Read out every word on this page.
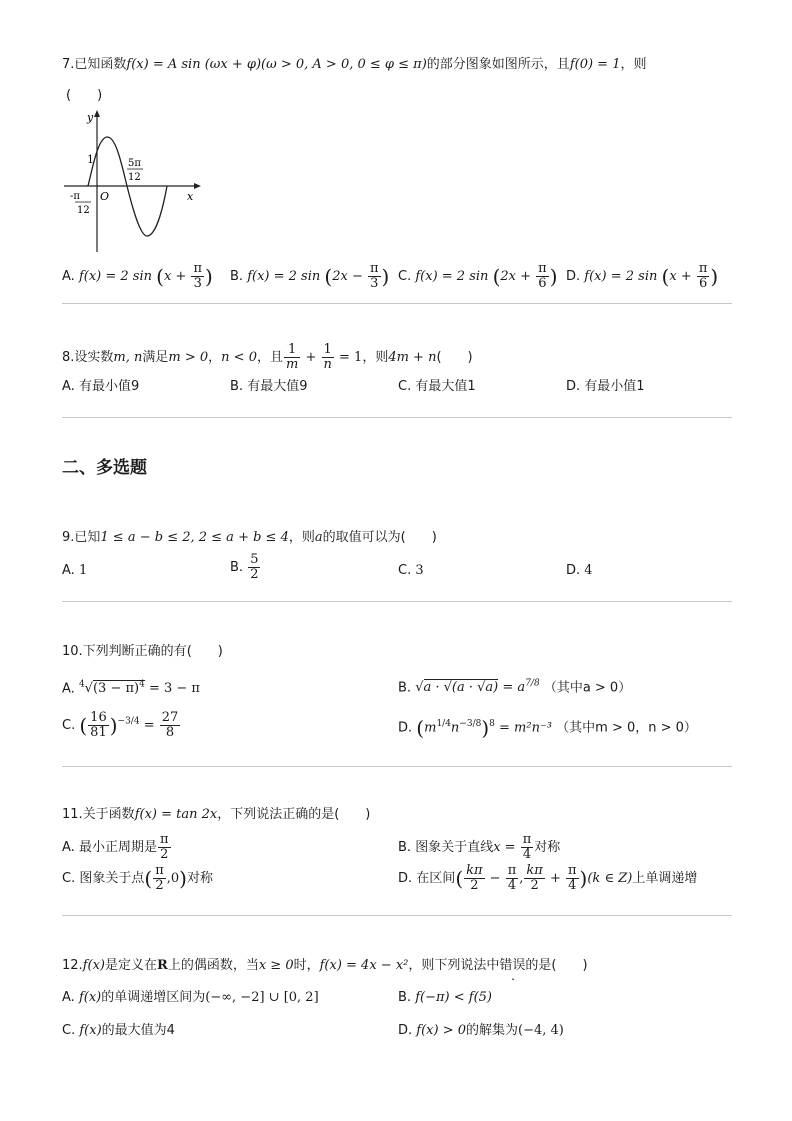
7.已知函数f(x) = A sin (ωx + φ)(ω > 0, A > 0, 0 ≤ φ ≤ π)的部分图象如图所示，且f(0) = 1，则
(　　)
y
x
O
1	5π
12
-π
12
A. f(x) = 2 $\sin (x + \frac{\pi}{3}$ ) B. f(x) = 2 $\sin (2x - \frac{\pi}{3}$ ) C. f(x) = 2 $\sin (2x + \frac{\pi}{6}$ ) D. f(x) = 2 $\sin (x + \frac{\pi}{6}$ )
8.设实数m, n满足m > 0，n < 0，且 $\frac{1}{m} + \frac{1}{n} = 1$，则4m + n(　　)
A. 有最小值9	B. 有最大值9	C. 有最大值1	D. 有最小值1
二、多选题
9.已知1 ≤ a − b ≤ 2, 2 ≤ a + b ≤ 4，则a的取值可以为(　　)
A. 1	B. $\frac{5}{2}$	C. 3	D. 4
10.下列判断正确的有(　　)
A. $^4√(3 - \pi)^4 = 3 - \pi$	B. $√a \cdot √(a \cdot √a) = a^{7/8}$ （其中a > 0）
C. ( $\frac{16}{81} )^{-3/4} = \frac{27}{8}$	D. $(m^{1/4}n^{-3/8})^8 = m^2n^{-3}$ （其中m > 0，n > 0）
11.关于函数f(x) = tan 2x，下列说法正确的是(　　)
A. 最小正周期是 $\frac{\pi}{2}$	B. 图象关于直线$x = \frac{\pi}{4}$ 对称
C. 图象关于点( $\frac{\pi}{2} ,0$)对称	D. 在区间( $\frac{k\pi}{2} - \frac{\pi}{4}$ , $\frac{k\pi}{2} + \frac{\pi}{4} )(k$ ∈ Z)上单调递增
12.f(x)是定义在R上的偶函数，当x ≥ 0时，f(x) = 4x − x²，则下列说法中错误的是(　　)
A. f(x)的单调递增区间为(−∞, −2] ∪ [0, 2]	B. f(−π) < f(5)
C. f(x)的最大值为4	D. f(x) > 0的解集为(−4, 4)
